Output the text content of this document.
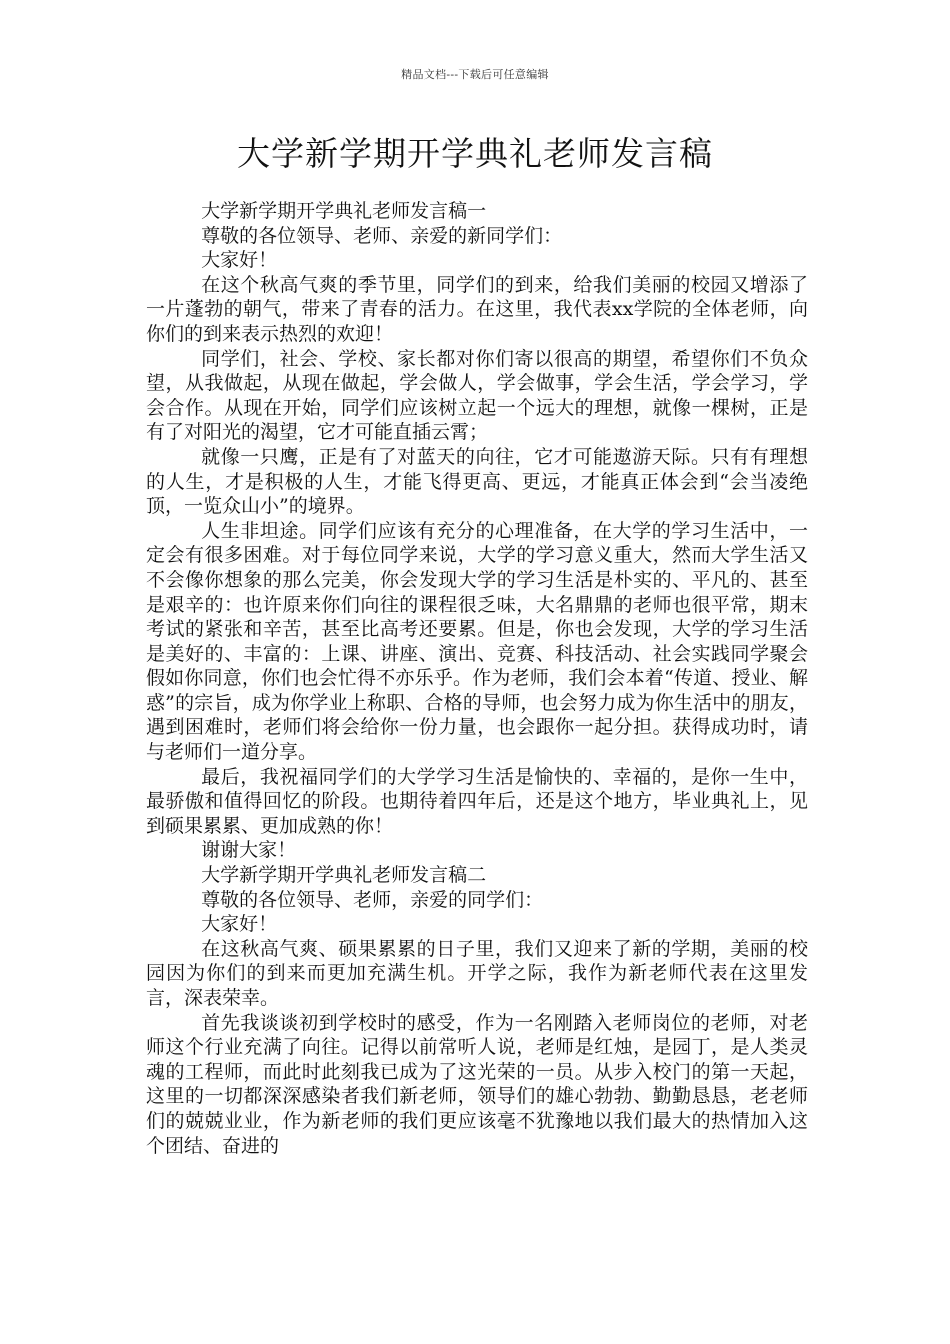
精品文档---下载后可任意编辑
大学新学期开学典礼老师发言稿

大学新学期开学典礼老师发言稿一

尊敬的各位领导、老师、亲爱的新同学们：

大家好！

在这个秋高气爽的季节里，同学们的到来，给我们美丽的校园又增添了一片蓬勃的朝气，带来了青春的活力。在这里，我代表xx学院的全体老师，向你们的到来表示热烈的欢迎！

同学们，社会、学校、家长都对你们寄以很高的期望，希望你们不负众望，从我做起，从现在做起，学会做人，学会做事，学会生活，学会学习，学会合作。从现在开始，同学们应该树立起一个远大的理想，就像一棵树，正是有了对阳光的渴望，它才可能直插云霄；

就像一只鹰，正是有了对蓝天的向往，它才可能遨游天际。只有有理想的人生，才是积极的人生，才能飞得更高、更远，才能真正体会到“会当凌绝顶，一览众山小”的境界。

人生非坦途。同学们应该有充分的心理准备，在大学的学习生活中，一定会有很多困难。对于每位同学来说，大学的学习意义重大，然而大学生活又不会像你想象的那么完美，你会发现大学的学习生活是朴实的、平凡的、甚至是艰辛的：也许原来你们向往的课程很乏味，大名鼎鼎的老师也很平常，期末考试的紧张和辛苦，甚至比高考还要累。但是，你也会发现，大学的学习生活是美好的、丰富的：上课、讲座、演出、竞赛、科技活动、社会实践同学聚会假如你同意，你们也会忙得不亦乐乎。作为老师，我们会本着“传道、授业、解惑”的宗旨，成为你学业上称职、合格的导师，也会努力成为你生活中的朋友，遇到困难时，老师们将会给你一份力量，也会跟你一起分担。获得成功时，请与老师们一道分享。

最后，我祝福同学们的大学学习生活是愉快的、幸福的，是你一生中，最骄傲和值得回忆的阶段。也期待着四年后，还是这个地方，毕业典礼上，见到硕果累累、更加成熟的你！

谢谢大家！

大学新学期开学典礼老师发言稿二

尊敬的各位领导、老师，亲爱的同学们：

大家好！

在这秋高气爽、硕果累累的日子里，我们又迎来了新的学期，美丽的校园因为你们的到来而更加充满生机。开学之际，我作为新老师代表在这里发言，深表荣幸。

首先我谈谈初到学校时的感受，作为一名刚踏入老师岗位的老师，对老师这个行业充满了向往。记得以前常听人说，老师是红烛，是园丁，是人类灵魂的工程师，而此时此刻我已成为了这光荣的一员。从步入校门的第一天起，这里的一切都深深感染者我们新老师，领导们的雄心勃勃、勤勤恳恳，老老师们的兢兢业业，作为新老师的我们更应该毫不犹豫地以我们最大的热情加入这个团结、奋进的
